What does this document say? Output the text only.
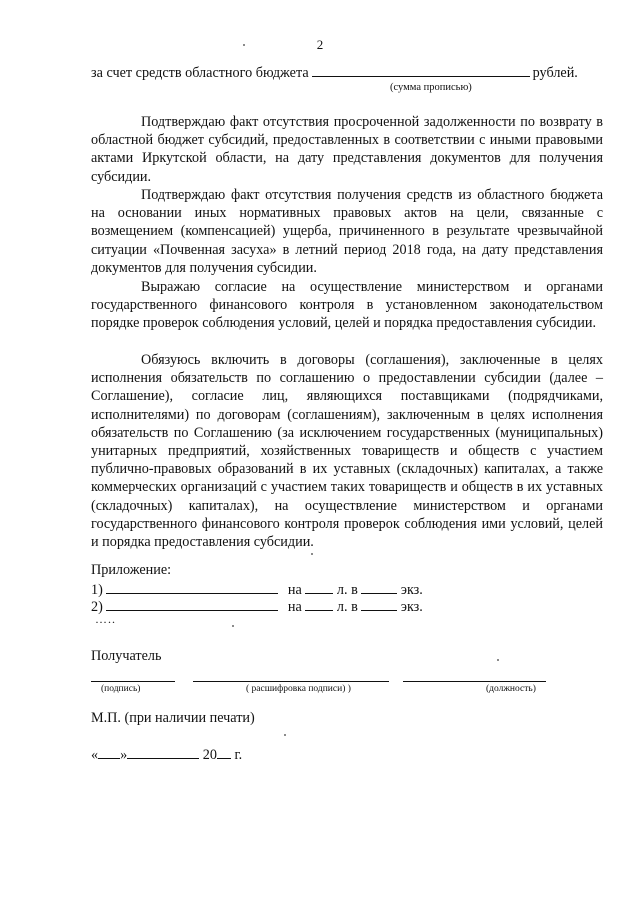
2
за счет средств областного бюджета	рублей.
(сумма прописью)

Подтверждаю факт отсутствия просроченной задолженности по возврату в областной бюджет субсидий, предоставленных в соответствии с иными правовыми актами Иркутской области, на дату представления документов для получения субсидии.

Подтверждаю факт отсутствия получения средств из областного бюджета на основании иных нормативных правовых актов на цели, связанные с возмещением (компенсацией) ущерба, причиненного в результате чрезвычайной ситуации «Почвенная засуха» в летний период 2018 года, на дату представления документов для получения субсидии.

Выражаю согласие на осуществление министерством и органами государственного финансового контроля в установленном законодательством порядке проверок соблюдения условий, целей и порядка предоставления субсидии.

Обязуюсь включить в договоры (соглашения), заключенные в целях исполнения обязательств по соглашению о предоставлении субсидии (далее – Соглашение), согласие лиц, являющихся поставщиками (подрядчиками, исполнителями) по договорам (соглашениям), заключенным в целях исполнения обязательств по Соглашению (за исключением государственных (муниципальных) унитарных предприятий, хозяйственных товариществ и обществ с участием публично-правовых образований в их уставных (складочных) капиталах, а также коммерческих организаций с участием таких товариществ и обществ в их уставных (складочных) капиталах), на осуществление министерством и органами государственного финансового контроля проверок соблюдения ими условий, целей и порядка предоставления субсидии.

Приложение:
1)	на л. в	экз.
2)	на л. в	экз.
…..
Получатель
(подпись)	( расшифровка подписи) )	(должность)
М.П. (при наличии печати)
« »	20 г.
